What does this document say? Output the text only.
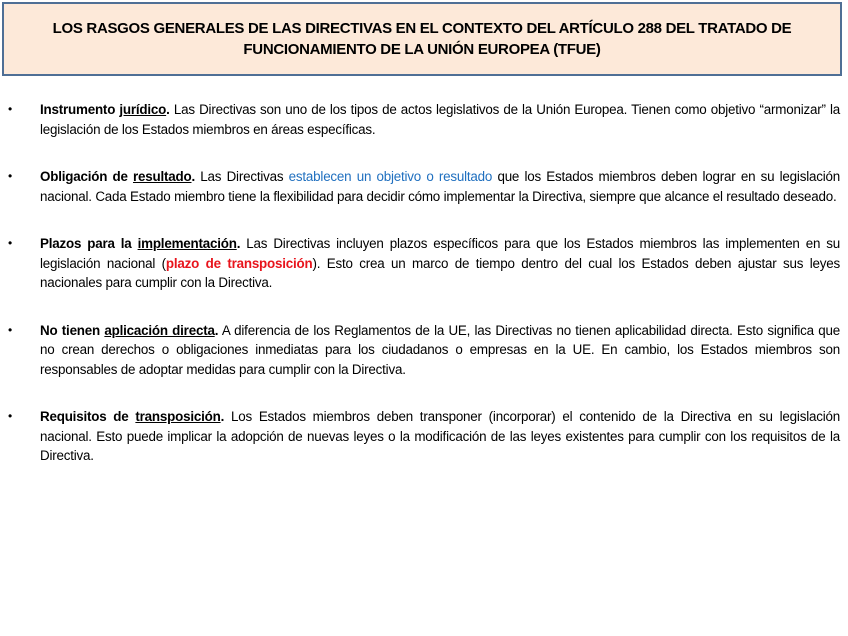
LOS RASGOS GENERALES DE LAS DIRECTIVAS EN EL CONTEXTO DEL ARTÍCULO 288 DEL TRATADO DE FUNCIONAMIENTO DE LA UNIÓN EUROPEA (TFUE)
• Instrumento jurídico. Las Directivas son uno de los tipos de actos legislativos de la Unión Europea. Tienen como objetivo “armonizar” la legislación de los Estados miembros en áreas específicas.
• Obligación de resultado. Las Directivas establecen un objetivo o resultado que los Estados miembros deben lograr en su legislación nacional. Cada Estado miembro tiene la flexibilidad para decidir cómo implementar la Directiva, siempre que alcance el resultado deseado.
• Plazos para la implementación. Las Directivas incluyen plazos específicos para que los Estados miembros las implementen en su legislación nacional (plazo de transposición). Esto crea un marco de tiempo dentro del cual los Estados deben ajustar sus leyes nacionales para cumplir con la Directiva.
• No tienen aplicación directa. A diferencia de los Reglamentos de la UE, las Directivas no tienen aplicabilidad directa. Esto significa que no crean derechos o obligaciones inmediatas para los ciudadanos o empresas en la UE. En cambio, los Estados miembros son responsables de adoptar medidas para cumplir con la Directiva.
• Requisitos de transposición. Los Estados miembros deben transponer (incorporar) el contenido de la Directiva en su legislación nacional. Esto puede implicar la adopción de nuevas leyes o la modificación de las leyes existentes para cumplir con los requisitos de la Directiva.
